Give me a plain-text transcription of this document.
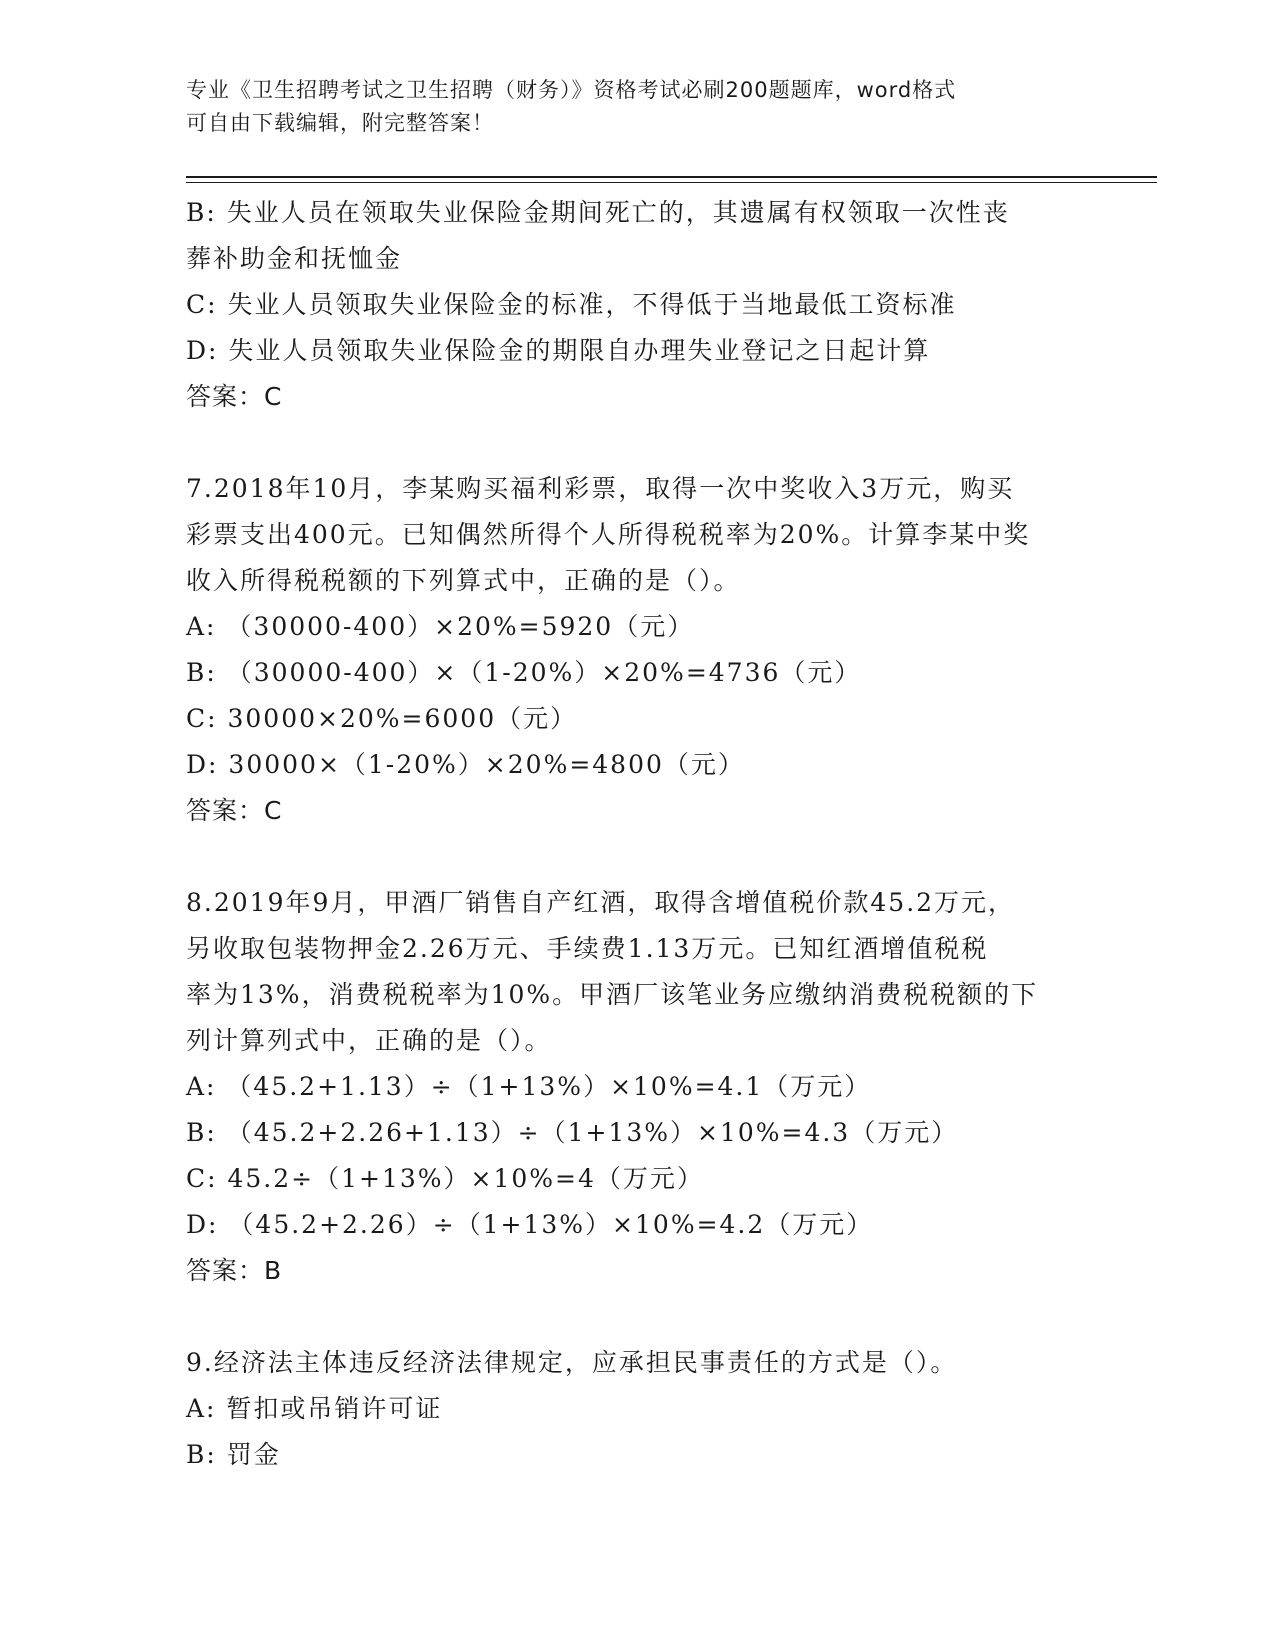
专业《卫生招聘考试之卫生招聘（财务）》资格考试必刷200题题库，word格式
可自由下载编辑，附完整答案！

B: 失业人员在领取失业保险金期间死亡的，其遗属有权领取一次性丧

葬补助金和抚恤金

C: 失业人员领取失业保险金的标准，不得低于当地最低工资标准

D: 失业人员领取失业保险金的期限自办理失业登记之日起计算

答案：C

7.2018年10月，李某购买福利彩票，取得一次中奖收入3万元，购买

彩票支出400元。已知偶然所得个人所得税税率为20%。计算李某中奖

收入所得税税额的下列算式中，正确的是（）。

A: （30000-400）×20%=5920（元）

B: （30000-400）×（1-20%）×20%=4736（元）

C: 30000×20%=6000（元）

D: 30000×（1-20%）×20%=4800（元）

答案：C

8.2019年9月，甲酒厂销售自产红酒，取得含增值税价款45.2万元，

另收取包装物押金2.26万元、手续费1.13万元。已知红酒增值税税

率为13%，消费税税率为10%。甲酒厂该笔业务应缴纳消费税税额的下

列计算列式中，正确的是（）。

A: （45.2+1.13）÷（1+13%）×10%=4.1（万元）

B: （45.2+2.26+1.13）÷（1+13%）×10%=4.3（万元）

C: 45.2÷（1+13%）×10%=4（万元）

D: （45.2+2.26）÷（1+13%）×10%=4.2（万元）

答案：B

9.经济法主体违反经济法律规定，应承担民事责任的方式是（）。

A: 暂扣或吊销许可证

B: 罚金
